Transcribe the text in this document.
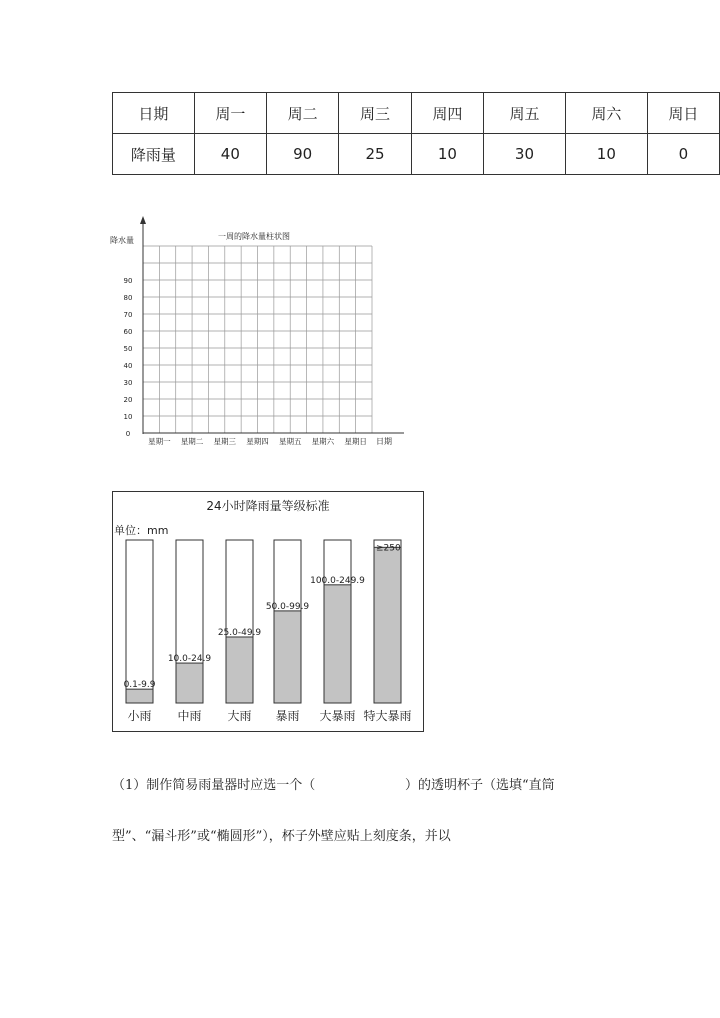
日期	周一	周二	周三	周四	周五	周六	周日
降雨量	40	90	25	10	30	10	0
一周的降水量柱状图
降水量
日期
0
10
20
30
40
50
60
70
80
90
星期一 星期二 星期三 星期四 星期五 星期六 星期日
24小时降雨量等级标准
单位：mm
0.1-9.9
小雨
10.0-24.9
中雨
25.0-49.9
大雨
50.0-99.9
暴雨
100.0-249.9
大暴雨
≥250
特大暴雨
（1）制作简易雨量器时应选一个（	）的透明杯子（选填“直筒
型”、“漏斗形”或“椭圆形”），杯子外壁应贴上刻度条，并以
